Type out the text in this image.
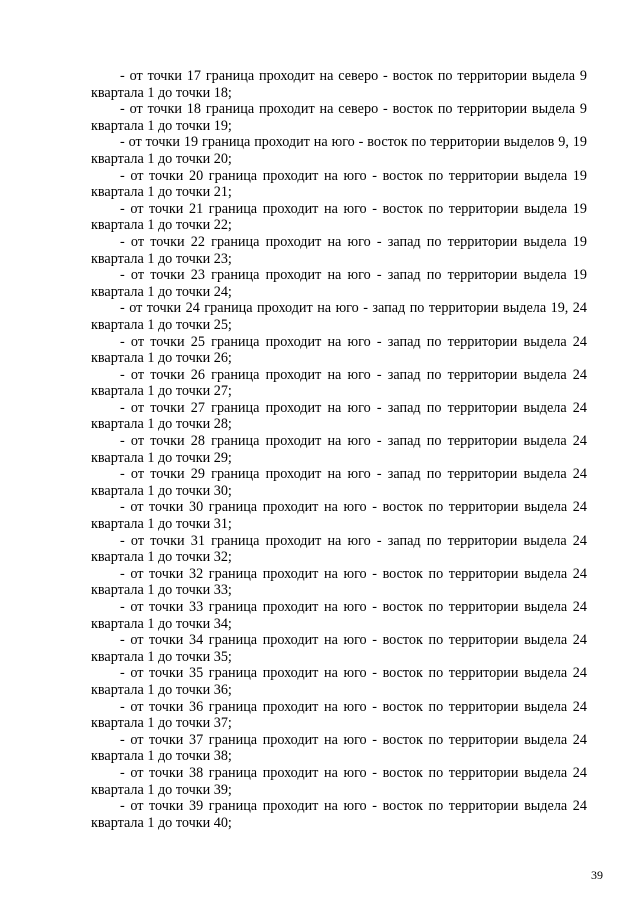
- от точки 17 граница проходит на северо - восток по территории выдела 9 квартала 1 до точки 18;

- от точки 18 граница проходит на северо - восток по территории выдела 9 квартала 1 до точки 19;

- от точки 19 граница проходит на юго - восток по территории выделов 9, 19 квартала 1 до точки 20;

- от точки 20 граница проходит на юго - восток по территории выдела 19 квартала 1 до точки 21;

- от точки 21 граница проходит на юго - восток по территории выдела 19 квартала 1 до точки 22;

- от точки 22 граница проходит на юго - запад по территории выдела 19 квартала 1 до точки 23;

- от точки 23 граница проходит на юго - запад по территории выдела 19 квартала 1 до точки 24;

- от точки 24 граница проходит на юго - запад по территории выдела 19, 24 квартала 1 до точки 25;

- от точки 25 граница проходит на юго - запад по территории выдела 24 квартала 1 до точки 26;

- от точки 26 граница проходит на юго - запад по территории выдела 24 квартала 1 до точки 27;

- от точки 27 граница проходит на юго - запад по территории выдела 24 квартала 1 до точки 28;

- от точки 28 граница проходит на юго - запад по территории выдела 24 квартала 1 до точки 29;

- от точки 29 граница проходит на юго - запад по территории выдела 24 квартала 1 до точки 30;

- от точки 30 граница проходит на юго - восток по территории выдела 24 квартала 1 до точки 31;

- от точки 31 граница проходит на юго - запад по территории выдела 24 квартала 1 до точки 32;

- от точки 32 граница проходит на юго - восток по территории выдела 24 квартала 1 до точки 33;

- от точки 33 граница проходит на юго - восток по территории выдела 24 квартала 1 до точки 34;

- от точки 34 граница проходит на юго - восток по территории выдела 24 квартала 1 до точки 35;

- от точки 35 граница проходит на юго - восток по территории выдела 24 квартала 1 до точки 36;

- от точки 36 граница проходит на юго - восток по территории выдела 24 квартала 1 до точки 37;

- от точки 37 граница проходит на юго - восток по территории выдела 24 квартала 1 до точки 38;

- от точки 38 граница проходит на юго - восток по территории выдела 24 квартала 1 до точки 39;

- от точки 39 граница проходит на юго - восток по территории выдела 24 квартала 1 до точки 40;

39
